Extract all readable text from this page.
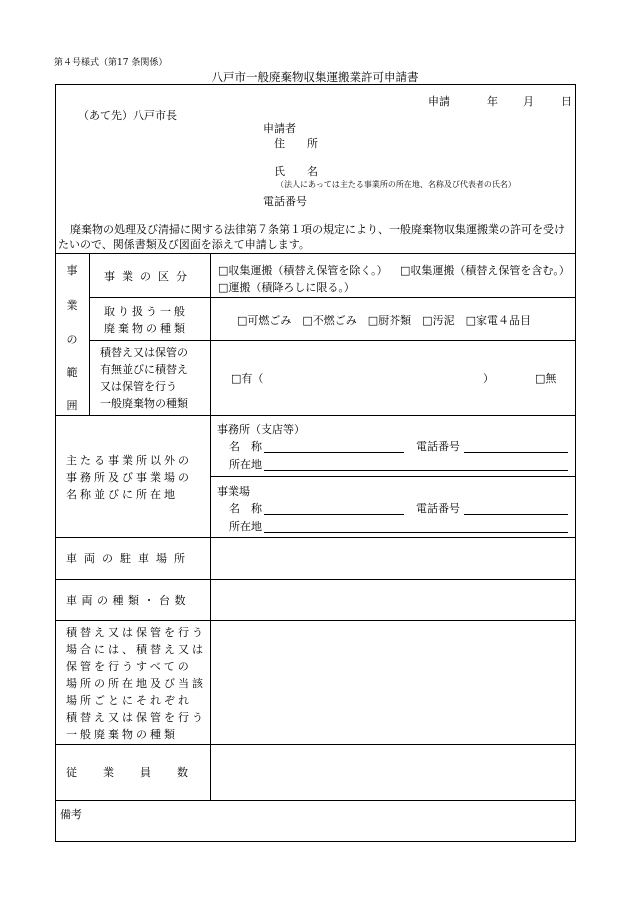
第４号様式（第17 条関係）
八戸市一般廃棄物収集運搬業許可申請書
申請	年 月 日
（あて先）八戸市長
申請者
住　　所
氏　　名
（法人にあっては主たる事業所の所在地、名称及び代表者の氏名）
電話番号
廃棄物の処理及び清掃に関する法律第７条第１項の規定により、一般廃棄物収集運搬業の許可を受け
たいので、関係書類及び図面を添えて申請します。
事
業
の
範
囲
事業の区分 □収集運搬（積替え保管を除く。） □収集運搬（積替え保管を含む。）
□運搬（積降ろしに限る。）
取り扱う一般
廃棄物の種類
□可燃ごみ　□不燃ごみ　□厨芥類　□汚泥　□家電４品目
積替え又は保管の
有無並びに積替え
又は保管を行う
一般廃棄物の種類
□有（	）	□無
主たる事業所以外の
事務所及び事業場の
名称並びに所在地
事務所（支店等）
名　称	電話番号
所在地
事業場
名　称	電話番号
所在地
車両の駐車場所
車両の種類・台数
積替え又は保管を行う
場合には、積替え又は
保管を行うすべての
場所の所在地及び当該
場所ごとにそれぞれ
積替え又は保管を行う
一般廃棄物の種類
従業員数
備考
